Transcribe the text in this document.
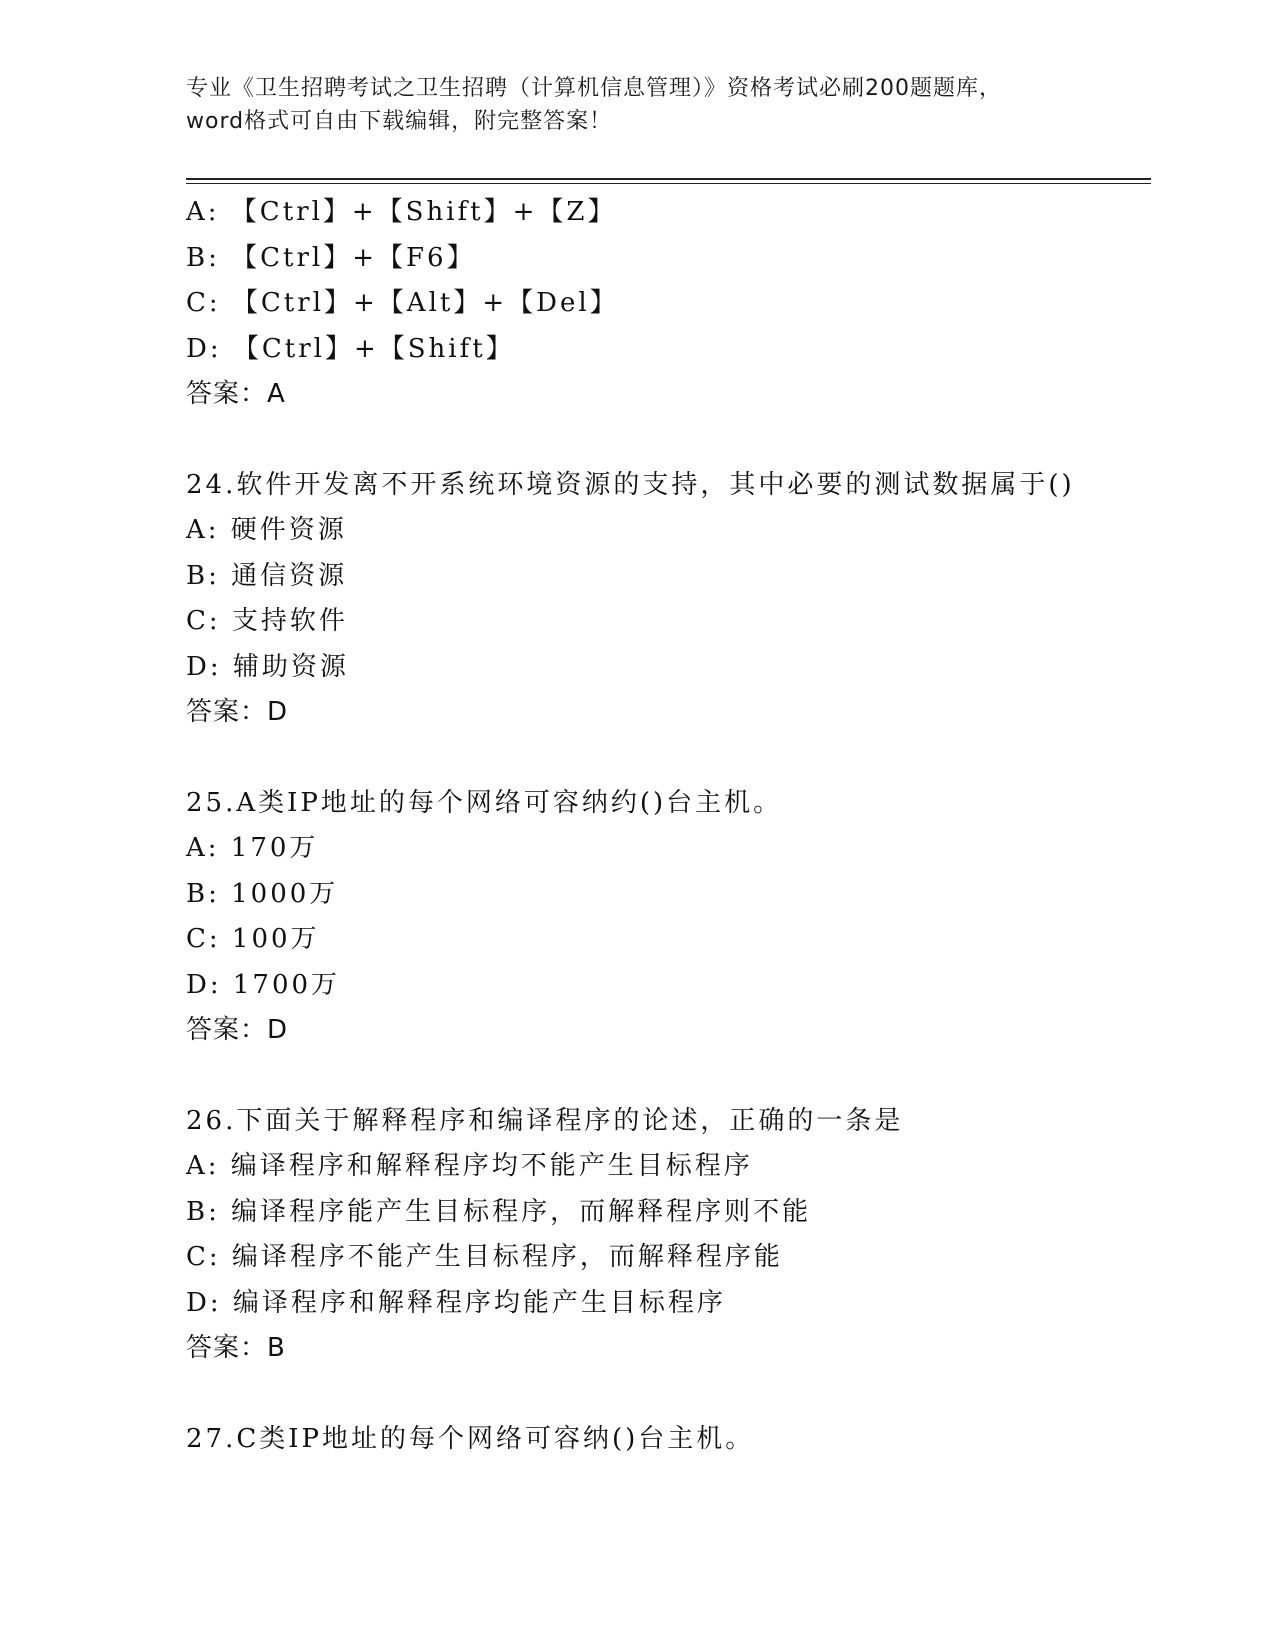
专业《卫生招聘考试之卫生招聘（计算机信息管理）》资格考试必刷200题题库，
word格式可自由下载编辑，附完整答案！
A: 【Ctrl】+【Shift】+【Z】
B: 【Ctrl】+【F6】
C: 【Ctrl】+【Alt】+【Del】
D: 【Ctrl】+【Shift】
答案：A
24.软件开发离不开系统环境资源的支持，其中必要的测试数据属于()
A: 硬件资源
B: 通信资源
C: 支持软件
D: 辅助资源
答案：D
25.A类IP地址的每个网络可容纳约()台主机。
A: 170万
B: 1000万
C: 100万
D: 1700万
答案：D
26.下面关于解释程序和编译程序的论述，正确的一条是
A: 编译程序和解释程序均不能产生目标程序
B: 编译程序能产生目标程序，而解释程序则不能
C: 编译程序不能产生目标程序，而解释程序能
D: 编译程序和解释程序均能产生目标程序
答案：B
27.C类IP地址的每个网络可容纳()台主机。
